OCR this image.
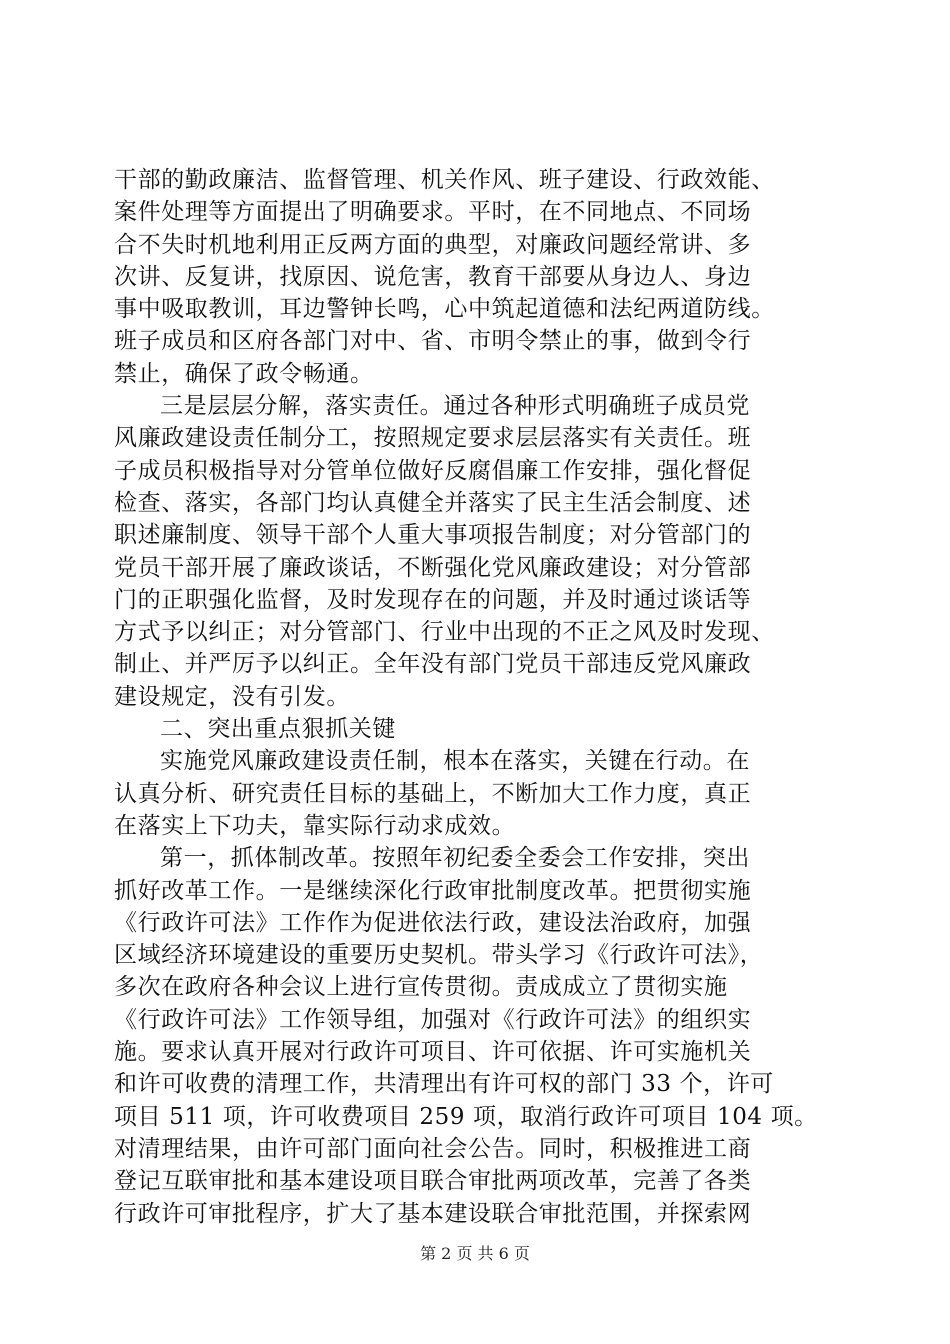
干部的勤政廉洁、监督管理、机关作风、班子建设、行政效能、
案件处理等方面提出了明确要求。平时，在不同地点、不同场
合不失时机地利用正反两方面的典型，对廉政问题经常讲、多
次讲、反复讲，找原因、说危害，教育干部要从身边人、身边
事中吸取教训，耳边警钟长鸣，心中筑起道德和法纪两道防线。
班子成员和区府各部门对中、省、市明令禁止的事，做到令行
禁止，确保了政令畅通。
三是层层分解，落实责任。通过各种形式明确班子成员党
风廉政建设责任制分工，按照规定要求层层落实有关责任。班
子成员积极指导对分管单位做好反腐倡廉工作安排，强化督促
检查、落实，各部门均认真健全并落实了民主生活会制度、述
职述廉制度、领导干部个人重大事项报告制度；对分管部门的
党员干部开展了廉政谈话，不断强化党风廉政建设；对分管部
门的正职强化监督，及时发现存在的问题，并及时通过谈话等
方式予以纠正；对分管部门、行业中出现的不正之风及时发现、
制止、并严厉予以纠正。全年没有部门党员干部违反党风廉政
建设规定，没有引发。
二、突出重点狠抓关键
实施党风廉政建设责任制，根本在落实，关键在行动。在
认真分析、研究责任目标的基础上，不断加大工作力度，真正
在落实上下功夫，靠实际行动求成效。
第一，抓体制改革。按照年初纪委全委会工作安排，突出
抓好改革工作。一是继续深化行政审批制度改革。把贯彻实施
《行政许可法》工作作为促进依法行政，建设法治政府，加强
区域经济环境建设的重要历史契机。带头学习《行政许可法》，
多次在政府各种会议上进行宣传贯彻。责成成立了贯彻实施
《行政许可法》工作领导组，加强对《行政许可法》的组织实
施。要求认真开展对行政许可项目、许可依据、许可实施机关
和许可收费的清理工作，共清理出有许可权的部门 33 个，许可
项目 511 项，许可收费项目 259 项，取消行政许可项目 104 项。
对清理结果，由许可部门面向社会公告。同时，积极推进工商
登记互联审批和基本建设项目联合审批两项改革，完善了各类
行政许可审批程序，扩大了基本建设联合审批范围，并探索网
第 2 页 共 6 页
